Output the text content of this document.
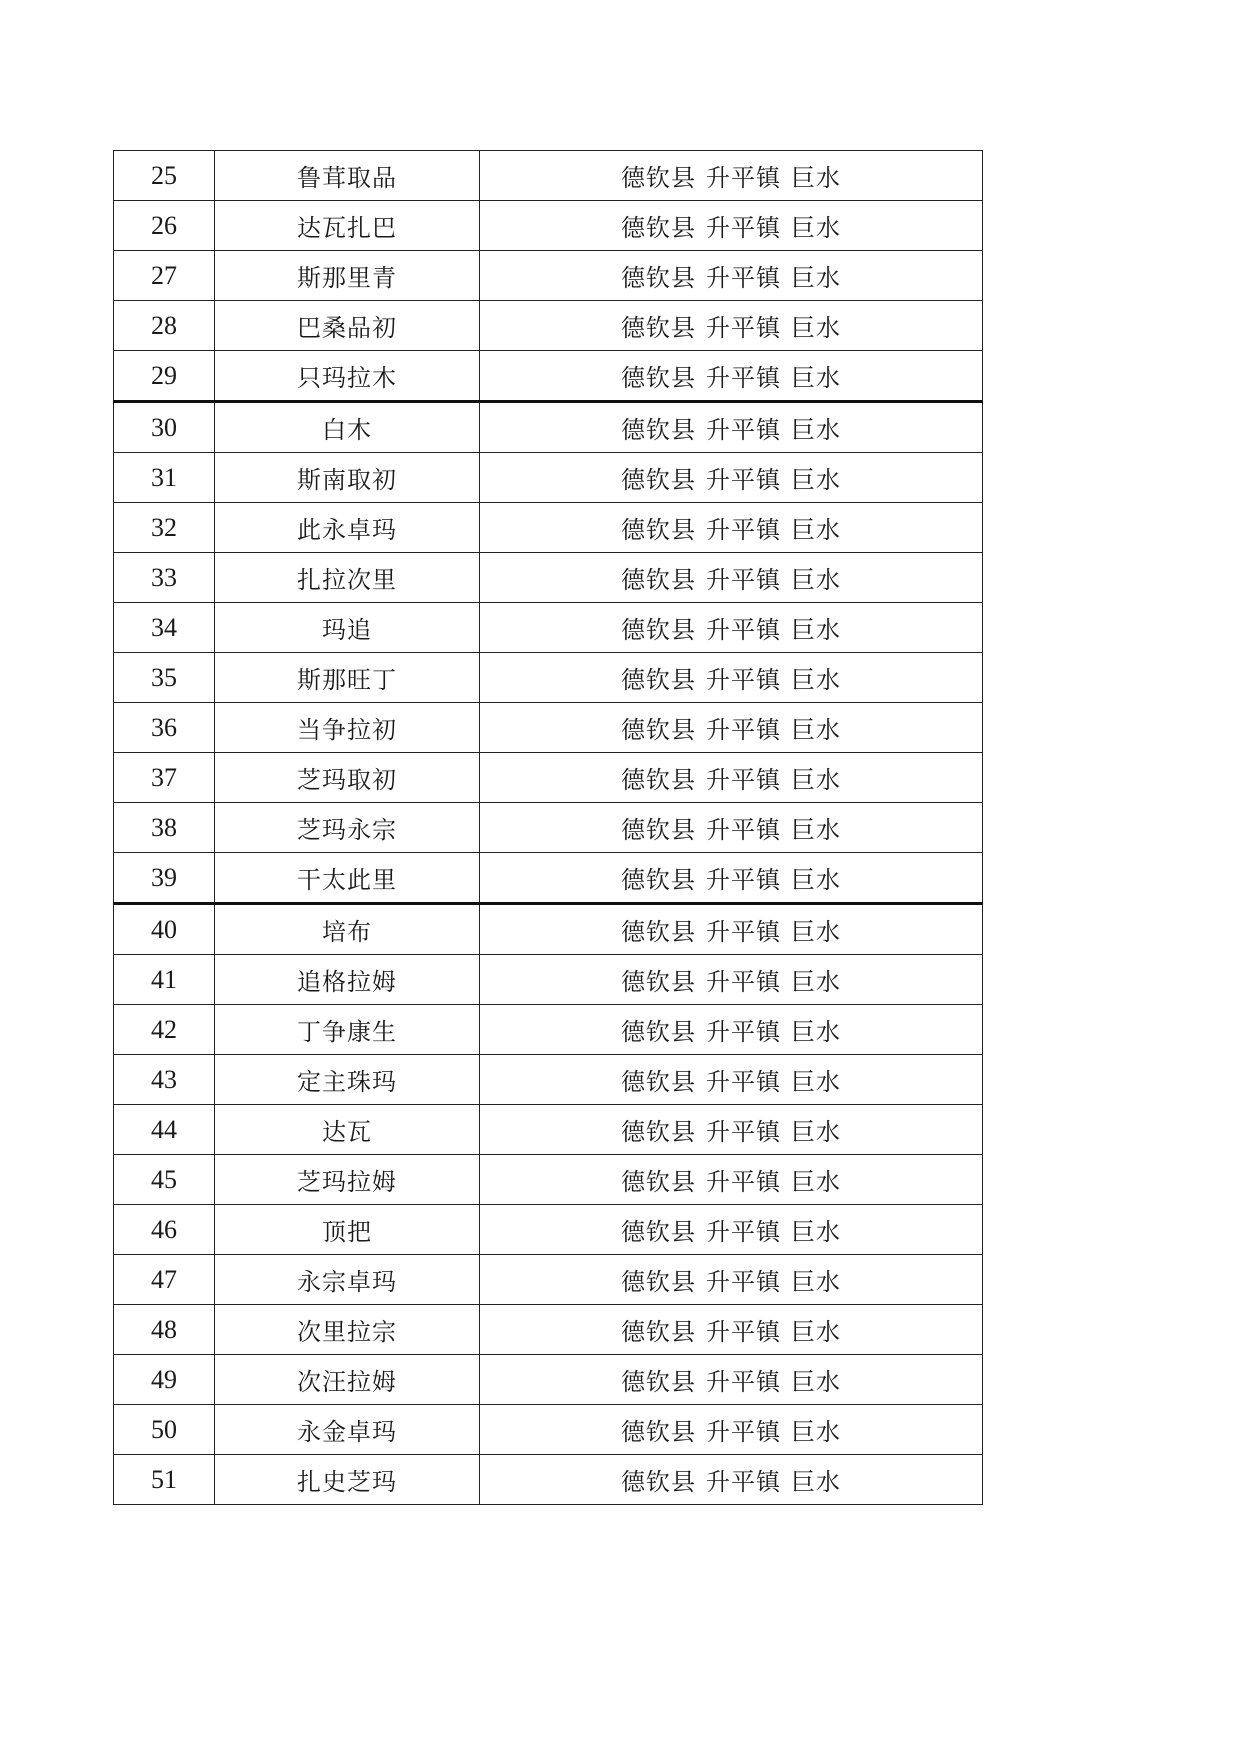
25	鲁茸取品	德钦县 升平镇 巨水
26	达瓦扎巴	德钦县 升平镇 巨水
27	斯那里青	德钦县 升平镇 巨水
28	巴桑品初	德钦县 升平镇 巨水
29	只玛拉木	德钦县 升平镇 巨水
30	白木	德钦县 升平镇 巨水
31	斯南取初	德钦县 升平镇 巨水
32	此永卓玛	德钦县 升平镇 巨水
33	扎拉次里	德钦县 升平镇 巨水
34	玛追	德钦县 升平镇 巨水
35	斯那旺丁	德钦县 升平镇 巨水
36	当争拉初	德钦县 升平镇 巨水
37	芝玛取初	德钦县 升平镇 巨水
38	芝玛永宗	德钦县 升平镇 巨水
39	干太此里	德钦县 升平镇 巨水
40	培布	德钦县 升平镇 巨水
41	追格拉姆	德钦县 升平镇 巨水
42	丁争康生	德钦县 升平镇 巨水
43	定主珠玛	德钦县 升平镇 巨水
44	达瓦	德钦县 升平镇 巨水
45	芝玛拉姆	德钦县 升平镇 巨水
46	顶把	德钦县 升平镇 巨水
47	永宗卓玛	德钦县 升平镇 巨水
48	次里拉宗	德钦县 升平镇 巨水
49	次汪拉姆	德钦县 升平镇 巨水
50	永金卓玛	德钦县 升平镇 巨水
51	扎史芝玛	德钦县 升平镇 巨水
